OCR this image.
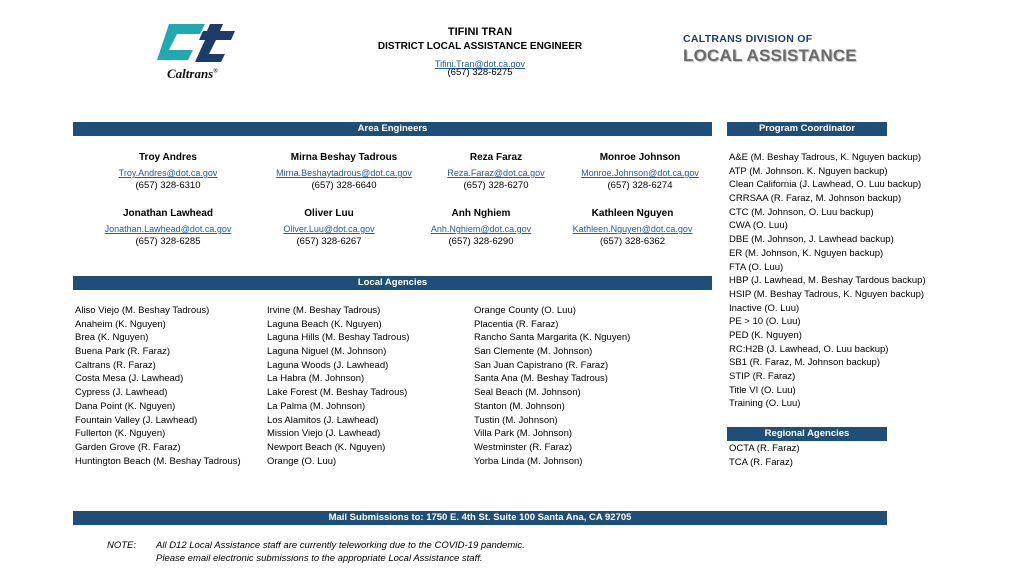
Caltrans®
TIFINI TRAN
DISTRICT LOCAL ASSISTANCE ENGINEER
Tifini.Tran@dot.ca.gov
(657) 328-6275
CALTRANS DIVISION OF
LOCAL ASSISTANCE
Area Engineers	Program Coordinator
Troy Andres
Troy.Andres@dot.ca.gov
(657) 328-6310
Mirna Beshay Tadrous
Mirna.Beshaytadrous@dot.ca.gov
(657) 328-6640
Reza Faraz
Reza.Faraz@dot.ca.gov
(657) 328-6270
Monroe Johnson
Monroe.Johnson@dot.ca.gov
(657) 328-6274
Jonathan Lawhead
Jonathan.Lawhead@dot.ca.gov
(657) 328-6285
Oliver Luu
Oliver.Luu@dot.ca.gov
(657) 328-6267
Anh Nghiem
Anh.Nghiem@dot.ca.gov
(657) 328-6290
Kathleen Nguyen
Kathleen.Nguyen@dot.ca.gov
(657) 328-6362
A&E (M. Beshay Tadrous, K. Nguyen backup)
ATP (M. Johnson. K. Nguyen backup)
Clean California (J. Lawhead, O. Luu backup)
CRRSAA (R. Faraz, M. Johnson backup)
CTC (M. Johnson, O. Luu backup)
CWA (O. Luu)
DBE (M. Johnson, J. Lawhead backup)
ER (M. Johnson, K. Nguyen backup)
FTA (O. Luu)
HBP (J. Lawhead, M. Beshay Tardous backup)
HSIP (M. Beshay Tadrous, K. Nguyen backup)
Inactive (O. Luu)
PE > 10 (O. Luu)
PED (K. Nguyen)
RC:H2B (J. Lawhead, O. Luu backup)
SB1 (R. Faraz, M. Johnson backup)
STIP (R. Faraz)
Title VI (O. Luu)
Training (O. Luu)
Local Agencies
Aliso Viejo (M. Beshay Tadrous)
Anaheim (K. Nguyen)
Brea (K. Nguyen)
Buena Park (R. Faraz)
Caltrans (R. Faraz)
Costa Mesa (J. Lawhead)
Cypress (J. Lawhead)
Dana Point (K. Nguyen)
Fountain Valley (J. Lawhead)
Fullerton (K. Nguyen)
Garden Grove (R. Faraz)
Huntington Beach (M. Beshay Tadrous)
Irvine (M. Beshay Tadrous)
Laguna Beach (K. Nguyen)
Laguna Hills (M. Beshay Tadrous)
Laguna Niguel (M. Johnson)
Laguna Woods (J. Lawhead)
La Habra (M. Johnson)
Lake Forest (M. Beshay Tadrous)
La Palma (M. Johnson)
Los Alamitos (J. Lawhead)
Mission Viejo (J. Lawhead)
Newport Beach (K. Nguyen)
Orange (O. Luu)
Orange County (O. Luu)
Placentia (R. Faraz)
Rancho Santa Margarita (K. Nguyen)
San Clemente (M. Johnson)
San Juan Capistrano (R. Faraz)
Santa Ana (M. Beshay Tadrous)
Seal Beach (M. Johnson)
Stanton (M. Johnson)
Tustin (M. Johnson)
Villa Park (M. Johnson)
Westminster (R. Faraz)
Yorba Linda (M. Johnson)
Regional Agencies
OCTA (R. Faraz)
TCA (R. Faraz)
Mail Submissions to: 1750 E. 4th St. Suite 100 Santa Ana, CA 92705
NOTE: All D12 Local Assistance staff are currently teleworking due to the COVID-19 pandemic.
Please email electronic submissions to the appropriate Local Assistance staff.
